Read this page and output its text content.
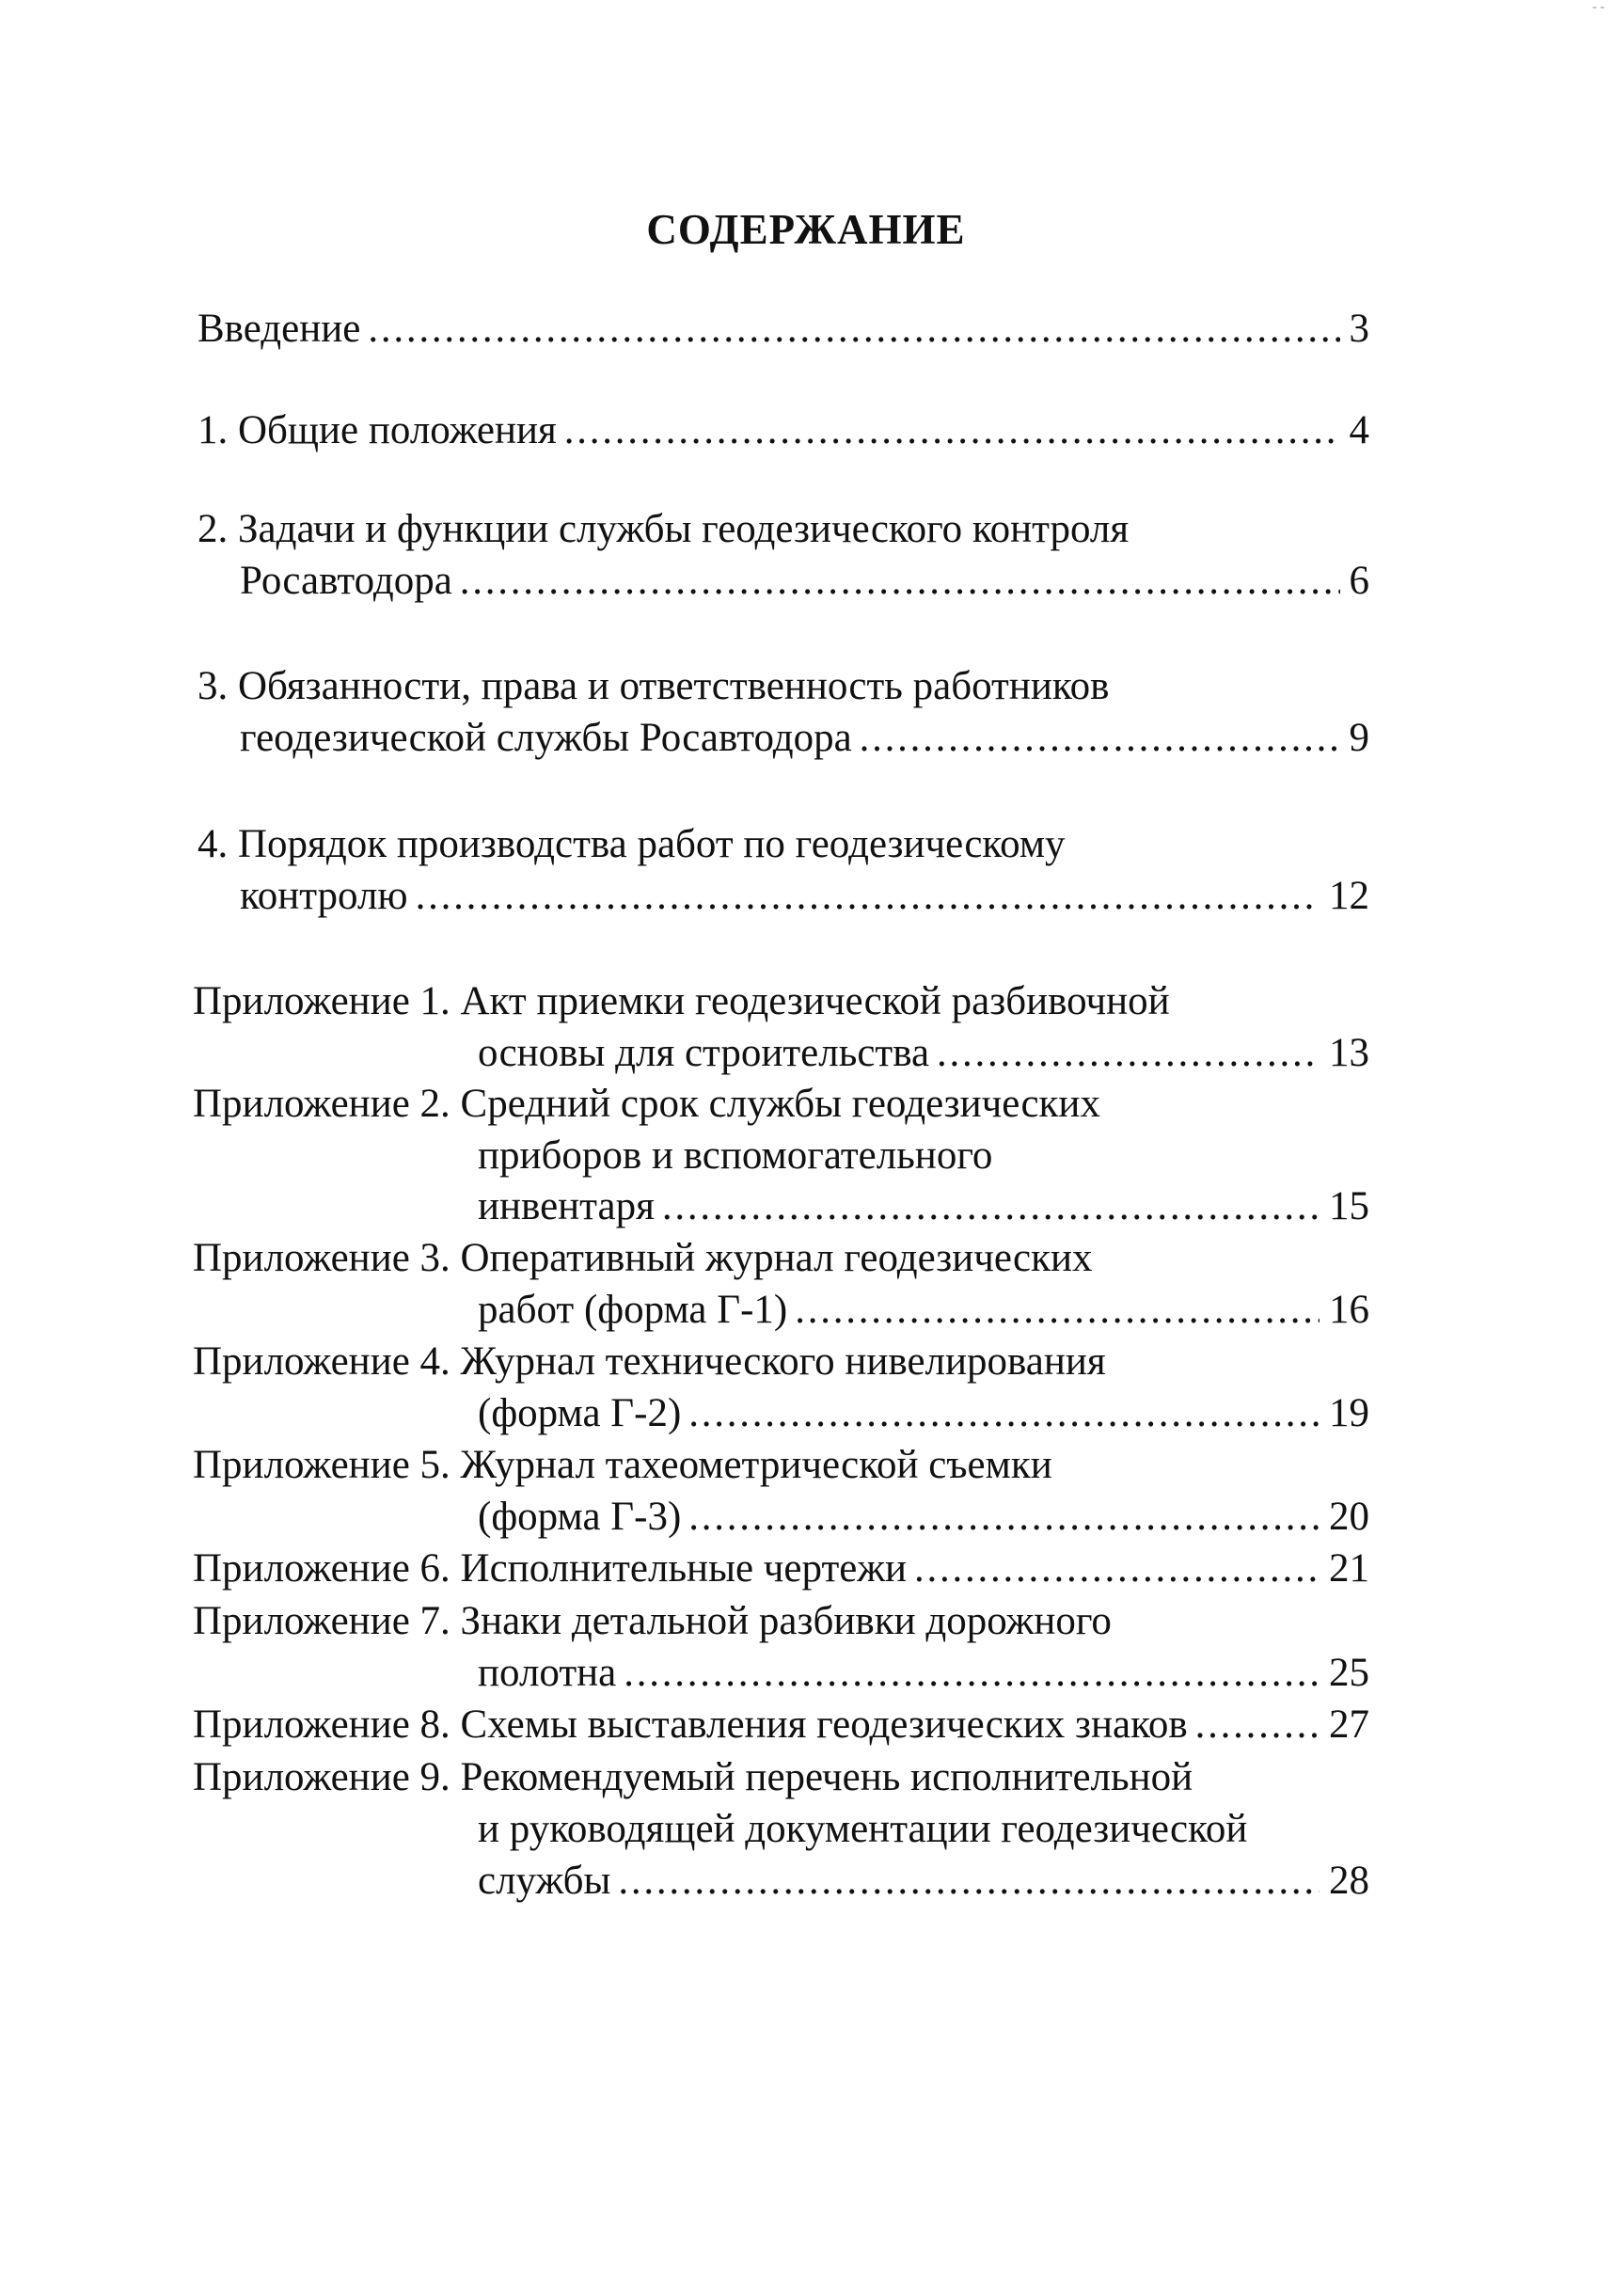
- -
СОДЕРЖАНИЕ
Введение . . .	3
1. Общие положения . . .	4
2. Задачи и функции службы геодезического контроля
Росавтодора . . .	6
3. Обязанности, права и ответственность работников
геодезической службы Росавтодора . . .	9
4. Порядок производства работ по геодезическому
контролю . . .	12
Приложение 1. Акт приемки геодезической разбивочной
основы для строительства . . .	13
Приложение 2. Средний срок службы геодезических
приборов и вспомогательного
инвентаря . . .	15
Приложение 3. Оперативный журнал геодезических
работ (форма Г-1) . . .	16
Приложение 4. Журнал технического нивелирования
(форма Г-2) . . .	19
Приложение 5. Журнал тахеометрической съемки
(форма Г-3) . . .	20
Приложение 6. Исполнительные чертежи . . .	21
Приложение 7. Знаки детальной разбивки дорожного
полотна . . .	25
Приложение 8. Схемы выставления геодезических знаков . . .	27
Приложение 9. Рекомендуемый перечень исполнительной
и руководящей документации геодезической
службы . . .	28
